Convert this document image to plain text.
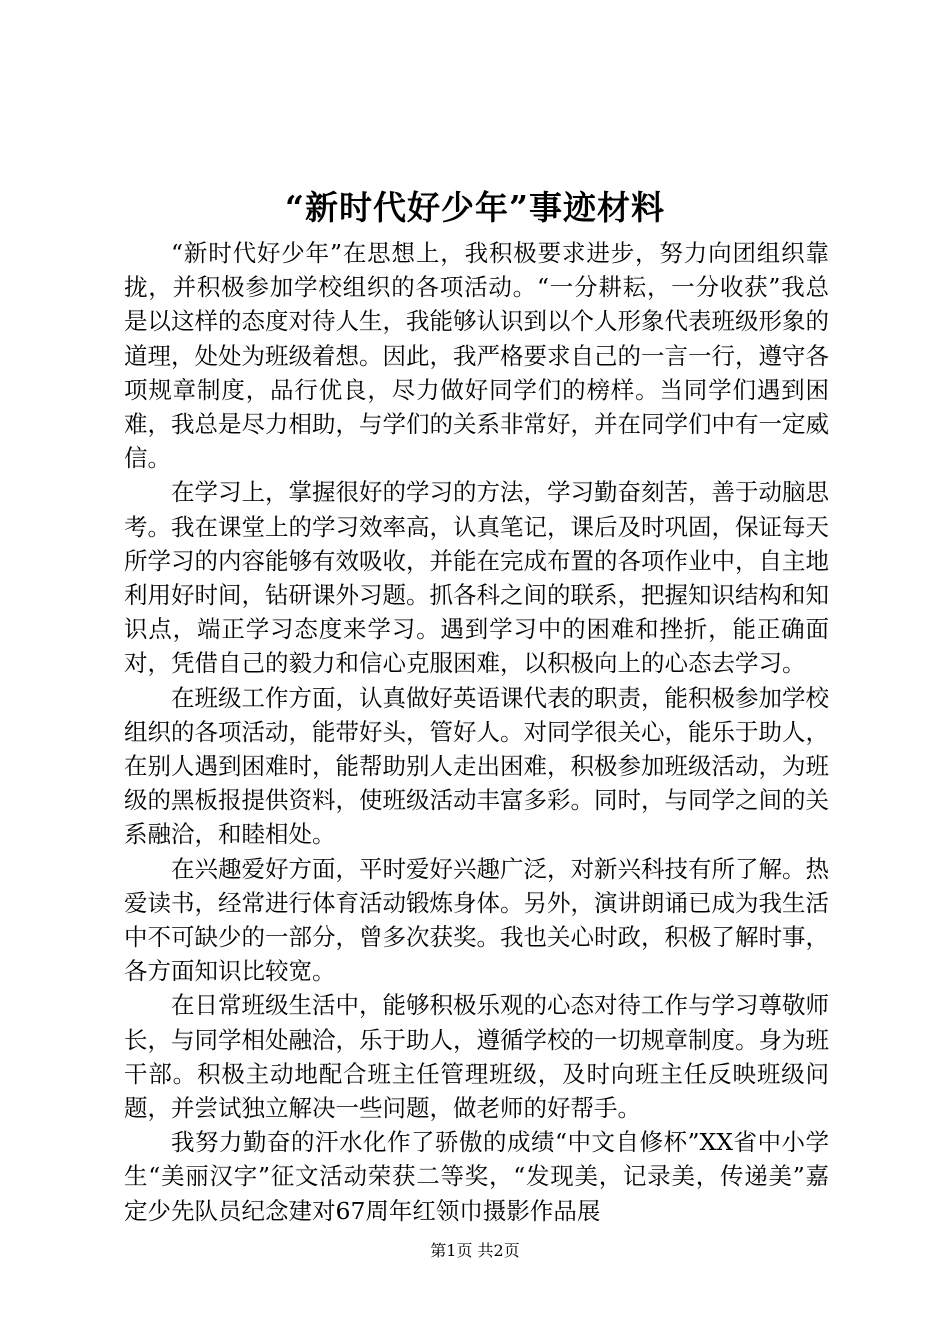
“新时代好少年”事迹材料

“新时代好少年”在思想上，我积极要求进步，努力向团组织靠拢，并积极参加学校组织的各项活动。“一分耕耘，一分收获”我总是以这样的态度对待人生，我能够认识到以个人形象代表班级形象的道理，处处为班级着想。因此，我严格要求自己的一言一行，遵守各项规章制度，品行优良，尽力做好同学们的榜样。当同学们遇到困难，我总是尽力相助，与学们的关系非常好，并在同学们中有一定威信。

在学习上，掌握很好的学习的方法，学习勤奋刻苦，善于动脑思考。我在课堂上的学习效率高，认真笔记，课后及时巩固，保证每天所学习的内容能够有效吸收，并能在完成布置的各项作业中，自主地利用好时间，钻研课外习题。抓各科之间的联系，把握知识结构和知识点，端正学习态度来学习。遇到学习中的困难和挫折，能正确面对，凭借自己的毅力和信心克服困难，以积极向上的心态去学习。

在班级工作方面，认真做好英语课代表的职责，能积极参加学校组织的各项活动，能带好头，管好人。对同学很关心，能乐于助人，在别人遇到困难时，能帮助别人走出困难，积极参加班级活动，为班级的黑板报提供资料，使班级活动丰富多彩。同时，与同学之间的关系融洽，和睦相处。

在兴趣爱好方面，平时爱好兴趣广泛，对新兴科技有所了解。热爱读书，经常进行体育活动锻炼身体。另外，演讲朗诵已成为我生活中不可缺少的一部分，曾多次获奖。我也关心时政，积极了解时事，各方面知识比较宽。

在日常班级生活中，能够积极乐观的心态对待工作与学习尊敬师长，与同学相处融洽，乐于助人，遵循学校的一切规章制度。身为班干部。积极主动地配合班主任管理班级，及时向班主任反映班级问题，并尝试独立解决一些问题，做老师的好帮手。

我努力勤奋的汗水化作了骄傲的成绩“中文自修杯”XX省中小学生“美丽汉字”征文活动荣获二等奖，“发现美，记录美，传递美”嘉定少先队员纪念建对67周年红领巾摄影作品展

第1页 共2页
